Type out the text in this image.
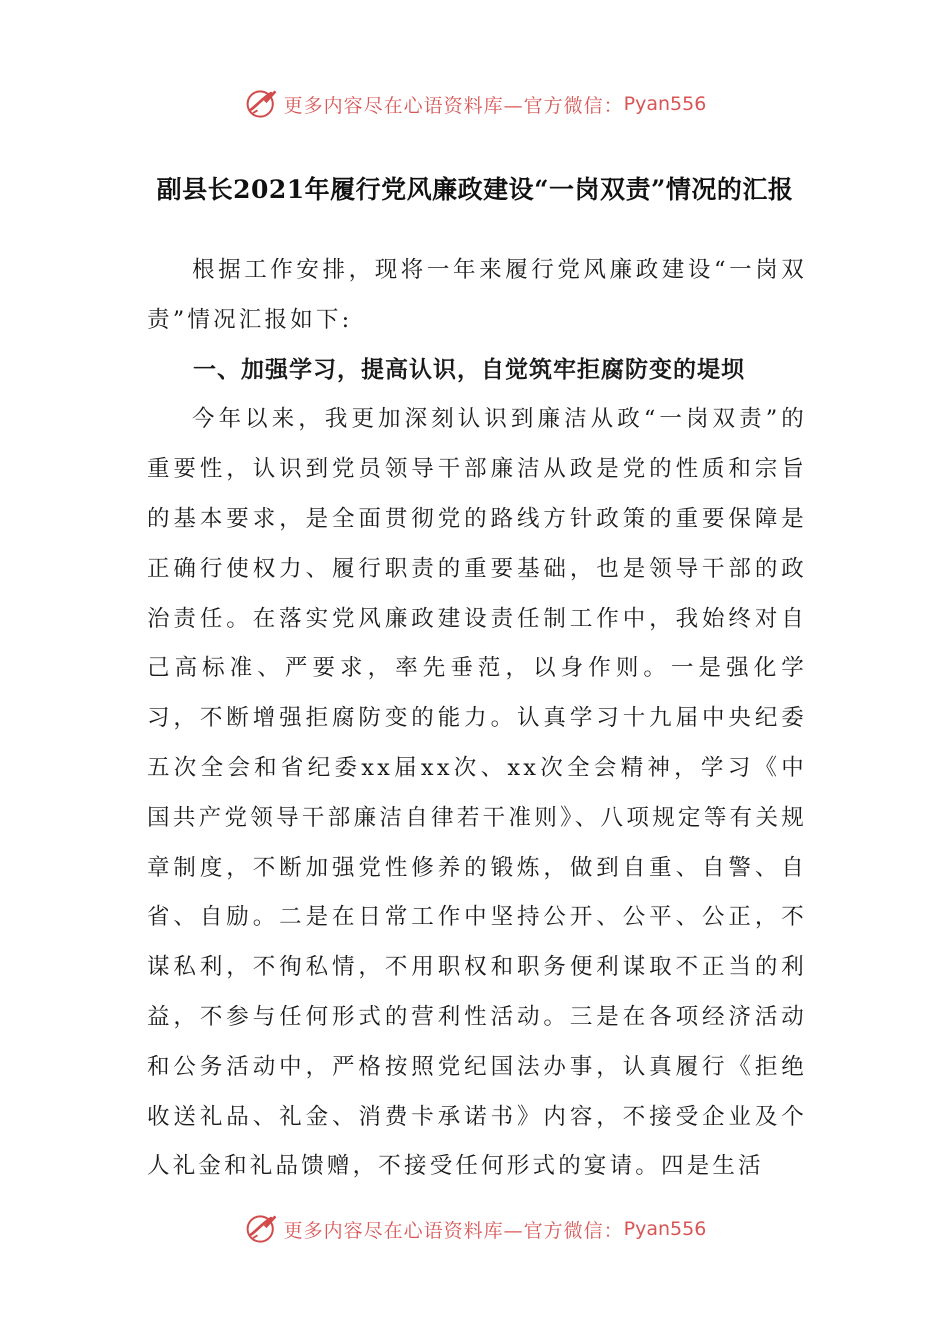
更多内容尽在心语资料库—官方微信： Pyan556
副县长2021年履行党风廉政建设“一岗双责”情况的汇报

根据工作安排，现将一年来履行党风廉政建设“一岗双责”情况汇报如下:

一、加强学习，提高认识，自觉筑牢拒腐防变的堤坝

今年以来，我更加深刻认识到廉洁从政“一岗双责”的重要性，认识到党员领导干部廉洁从政是党的性质和宗旨的基本要求，是全面贯彻党的路线方针政策的重要保障是正确行使权力、履行职责的重要基础，也是领导干部的政治责任。在落实党风廉政建设责任制工作中，我始终对自己高标准、严要求，率先垂范，以身作则。一是强化学习，不断增强拒腐防变的能力。认真学习十九届中央纪委五次全会和省纪委xx届xx次、xx次全会精神，学习《中国共产党领导干部廉洁自律若干准则》、八项规定等有关规章制度，不断加强党性修养的锻炼，做到自重、自警、自省、自励。二是在日常工作中坚持公开、公平、公正，不谋私利，不徇私情，不用职权和职务便利谋取不正当的利益，不参与任何形式的营利性活动。三是在各项经济活动和公务活动中，严格按照党纪国法办事，认真履行《拒绝收送礼品、礼金、消费卡承诺书》内容，不接受企业及个人礼金和礼品馈赠，不接受任何形式的宴请。四是生活

更多内容尽在心语资料库—官方微信： Pyan556
